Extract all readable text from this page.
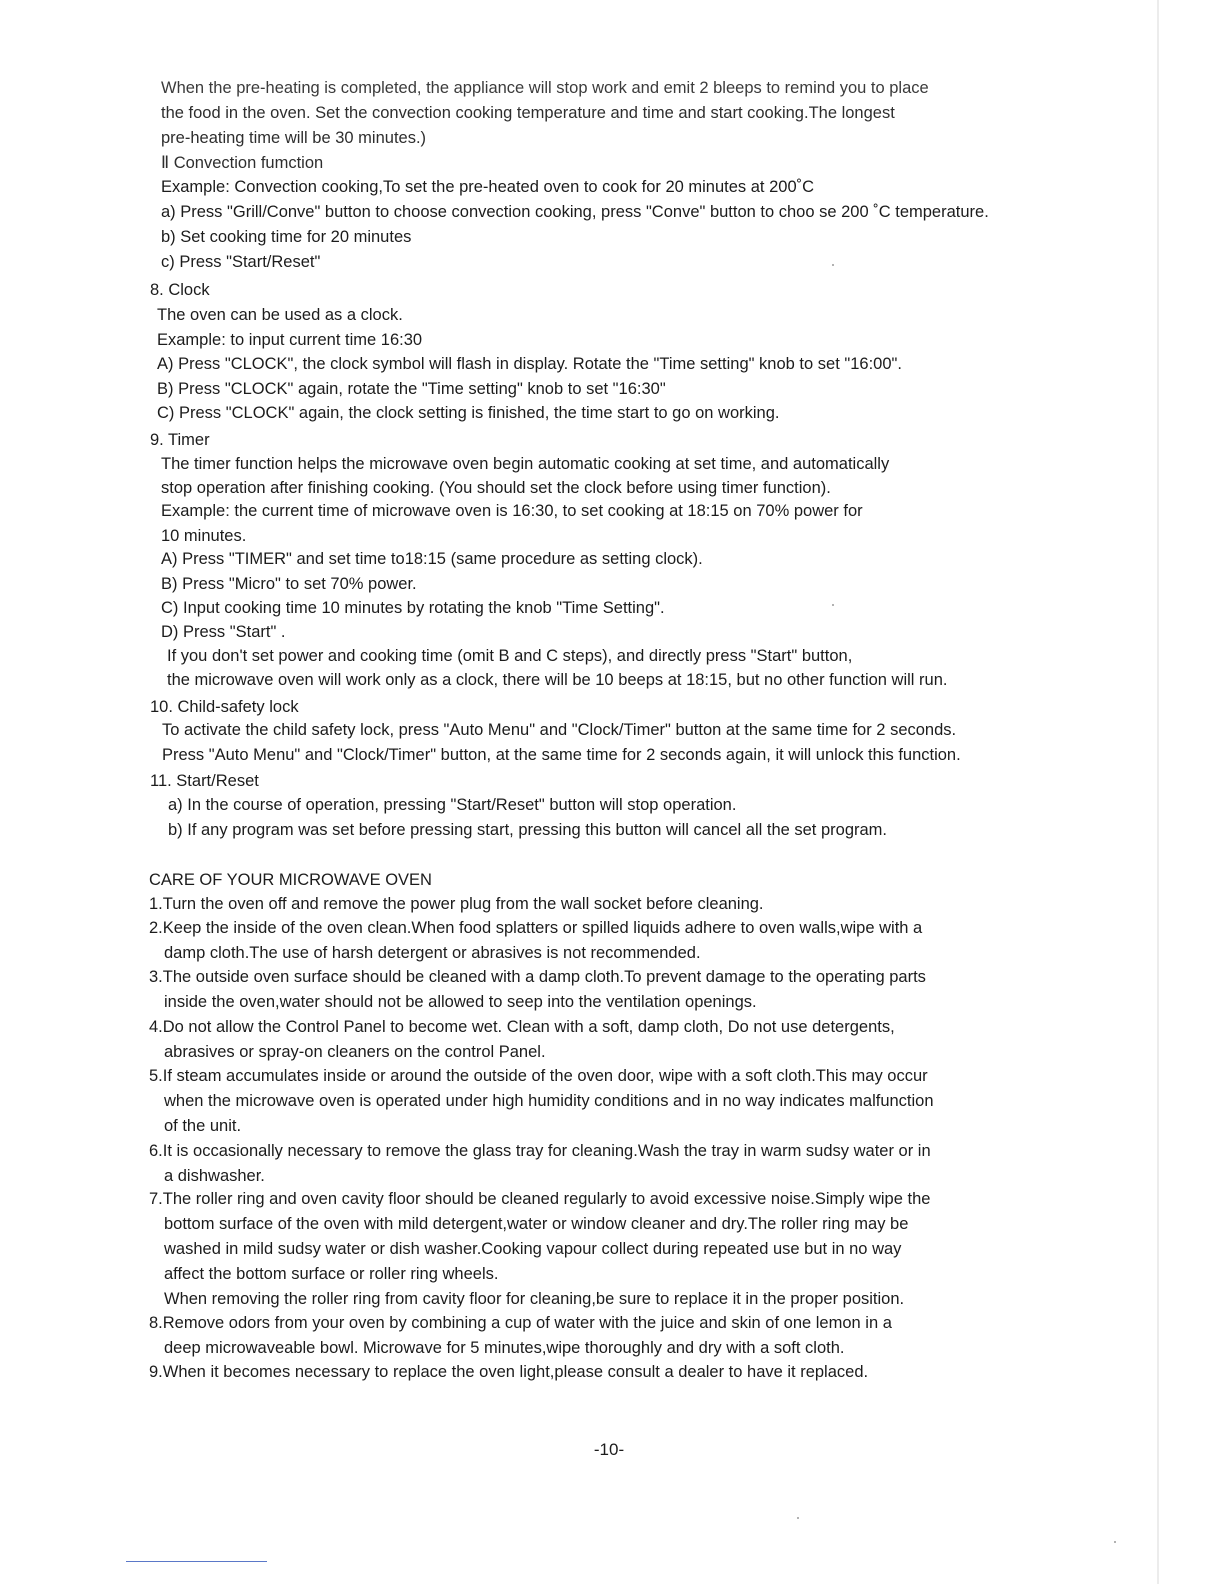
When the pre-heating is completed, the appliance will stop work and emit 2 bleeps to remind you to place
the food in the oven. Set the convection cooking temperature and time and start cooking.The longest
pre-heating time will be 30 minutes.)
Ⅱ Convection fumction
Example: Convection cooking,To set the pre-heated oven to cook for 20 minutes at 200˚C
a) Press "Grill/Conve" button to choose convection cooking, press "Conve" button to choo se 200 ˚C temperature.
b) Set cooking time for 20 minutes
c) Press "Start/Reset"
8. Clock
The oven can be used as a clock.
Example: to input current time 16:30
A) Press "CLOCK", the clock symbol will flash in display. Rotate the "Time setting" knob to set "16:00".
B) Press "CLOCK" again, rotate the "Time setting" knob to set "16:30"
C) Press "CLOCK" again, the clock setting is finished, the time start to go on working.
9. Timer
The timer function helps the microwave oven begin automatic cooking at set time, and automatically
stop operation after finishing cooking. (You should set the clock before using timer function).
Example: the current time of microwave oven is 16:30, to set cooking at 18:15 on 70% power for
10 minutes.
A) Press "TIMER" and set time to18:15 (same procedure as setting clock).
B) Press "Micro" to set 70% power.
C) Input cooking time 10 minutes by rotating the knob "Time Setting".
D) Press "Start" .
If you don't set power and cooking time (omit B and C steps), and directly press "Start" button,
the microwave oven will work only as a clock, there will be 10 beeps at 18:15, but no other function will run.
10. Child-safety lock
To activate the child safety lock, press "Auto Menu" and "Clock/Timer" button at the same time for 2 seconds.
Press "Auto Menu" and "Clock/Timer" button, at the same time for 2 seconds again, it will unlock this function.
11. Start/Reset
a) In the course of operation, pressing "Start/Reset" button will stop operation.
b) If any program was set before pressing start, pressing this button will cancel all the set program.
CARE OF YOUR MICROWAVE OVEN
1.Turn the oven off and remove the power plug from the wall socket before cleaning.
2.Keep the inside of the oven clean.When food splatters or spilled liquids adhere to oven walls,wipe with a
damp cloth.The use of harsh detergent or abrasives is not recommended.
3.The outside oven surface should be cleaned with a damp cloth.To prevent damage to the operating parts
inside the oven,water should not be allowed to seep into the ventilation openings.
4.Do not allow the Control Panel to become wet. Clean with a soft, damp cloth, Do not use detergents,
abrasives or spray-on cleaners on the control Panel.
5.If steam accumulates inside or around the outside of the oven door, wipe with a soft cloth.This may occur
when the microwave oven is operated under high humidity conditions and in no way indicates malfunction
of the unit.
6.It is occasionally necessary to remove the glass tray for cleaning.Wash the tray in warm sudsy water or in
a dishwasher.
7.The roller ring and oven cavity floor should be cleaned regularly to avoid excessive noise.Simply wipe the
bottom surface of the oven with mild detergent,water or window cleaner and dry.The roller ring may be
washed in mild sudsy water or dish washer.Cooking vapour collect during repeated use but in no way
affect the bottom surface or roller ring wheels.
When removing the roller ring from cavity floor for cleaning,be sure to replace it in the proper position.
8.Remove odors from your oven by combining a cup of water with the juice and skin of one lemon in a
deep microwaveable bowl. Microwave for 5 minutes,wipe thoroughly and dry with a soft cloth.
9.When it becomes necessary to replace the oven light,please consult a dealer to have it replaced.
-10-
